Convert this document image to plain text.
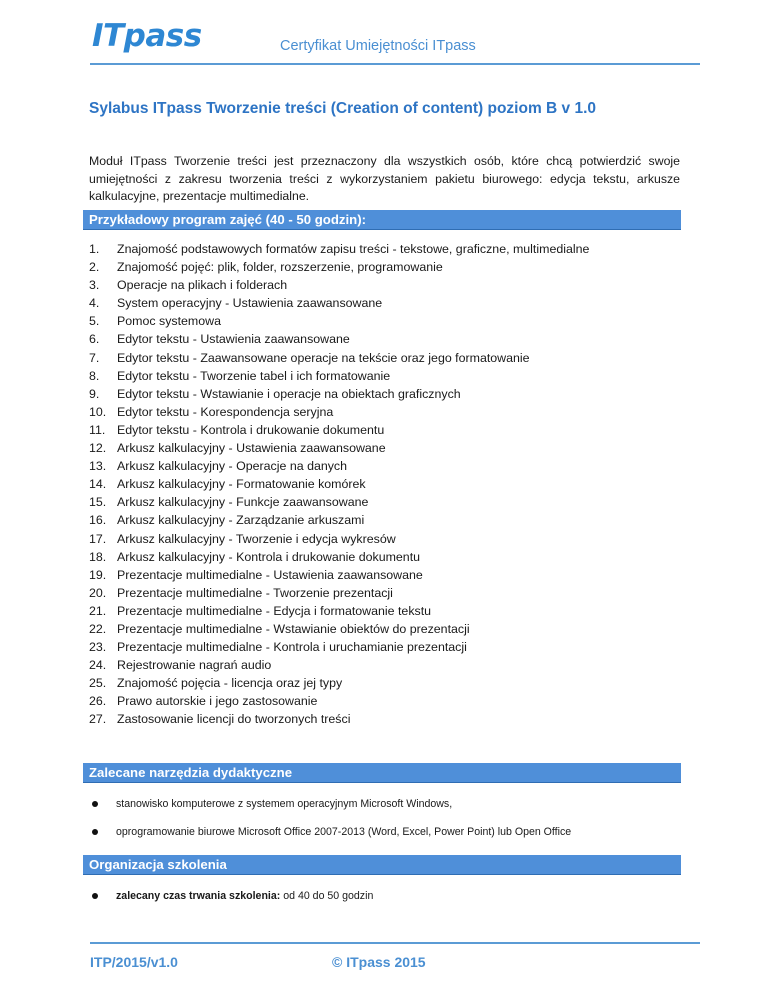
ITpass	Certyfikat Umiejętności ITpass
Sylabus ITpass Tworzenie treści (Creation of content) poziom B v 1.0

Moduł ITpass Tworzenie treści jest przeznaczony dla wszystkich osób, które chcą potwierdzić swoje umiejętności z zakresu tworzenia treści z wykorzystaniem pakietu biurowego: edycja tekstu, arkusze kalkulacyjne, prezentacje multimedialne.

Przykładowy program zajęć (40 - 50 godzin):
1. Znajomość podstawowych formatów zapisu treści - tekstowe, graficzne, multimedialne
2. Znajomość pojęć: plik, folder, rozszerzenie, programowanie
3. Operacje na plikach i folderach
4. System operacyjny - Ustawienia zaawansowane
5. Pomoc systemowa
6. Edytor tekstu - Ustawienia zaawansowane
7. Edytor tekstu - Zaawansowane operacje na tekście oraz jego formatowanie
8. Edytor tekstu - Tworzenie tabel i ich formatowanie
9. Edytor tekstu - Wstawianie i operacje na obiektach graficznych
10. Edytor tekstu - Korespondencja seryjna
11. Edytor tekstu - Kontrola i drukowanie dokumentu
12. Arkusz kalkulacyjny - Ustawienia zaawansowane
13. Arkusz kalkulacyjny - Operacje na danych
14. Arkusz kalkulacyjny - Formatowanie komórek
15. Arkusz kalkulacyjny - Funkcje zaawansowane
16. Arkusz kalkulacyjny - Zarządzanie arkuszami
17. Arkusz kalkulacyjny - Tworzenie i edycja wykresów
18. Arkusz kalkulacyjny - Kontrola i drukowanie dokumentu
19. Prezentacje multimedialne - Ustawienia zaawansowane
20. Prezentacje multimedialne - Tworzenie prezentacji
21. Prezentacje multimedialne - Edycja i formatowanie tekstu
22. Prezentacje multimedialne - Wstawianie obiektów do prezentacji
23. Prezentacje multimedialne - Kontrola i uruchamianie prezentacji
24. Rejestrowanie nagrań audio
25. Znajomość pojęcia - licencja oraz jej typy
26. Prawo autorskie i jego zastosowanie
27. Zastosowanie licencji do tworzonych treści
Zalecane narzędzia dydaktyczne
stanowisko komputerowe z systemem operacyjnym Microsoft Windows,
oprogramowanie biurowe Microsoft Office 2007-2013 (Word, Excel, Power Point) lub Open Office
Organizacja szkolenia
zalecany czas trwania szkolenia: od 40 do 50 godzin
ITP/2015/v1.0	© ITpass 2015
